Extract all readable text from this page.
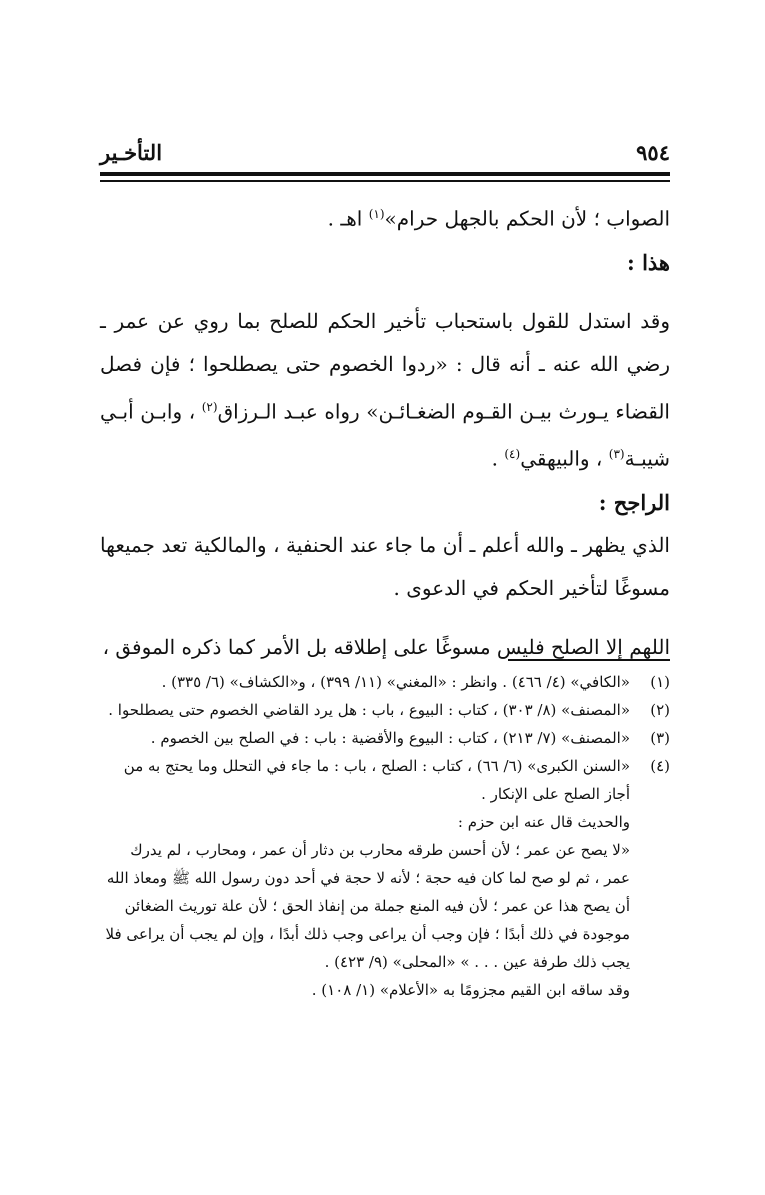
٩٥٤
التأخـير

الصواب ؛ لأن الحكم بالجهل حرام»$^{(١)}$ اهـ .

هذا :

وقد استدل للقول باستحباب تأخير الحكم للصلح بما روي عن عمر ـ رضي الله عنه ـ أنه قال : «ردوا الخصوم حتى يصطلحوا ؛ فإن فصل القضاء يـورث بيـن القـوم الضغـائـن» رواه عبـد الـرزاق$^{(٢)}$ ، وابـن أبـي شيبـة$^{(٣)}$ ، والبيهقي$^{(٤)}$ .

الراجح :

الذي يظهر ـ والله أعلم ـ أن ما جاء عند الحنفية ، والمالكية تعد جميعها مسوغًا لتأخير الحكم في الدعوى .

اللهم إلا الصلح فليس مسوغًا على إطلاقه بل الأمر كما ذكره الموفق ،

(١)
«الكافي» (٤/ ٤٦٦) . وانظر : «المغني» (١١/ ٣٩٩) ، و«الكشاف» (٦/ ٣٣٥) .
(٢)
«المصنف» (٨/ ٣٠٣) ، كتاب : البيوع ، باب : هل يرد القاضي الخصوم حتى يصطلحوا .
(٣)
«المصنف» (٧/ ٢١٣) ، كتاب : البيوع والأقضية : باب : في الصلح بين الخصوم .
(٤)
«السنن الكبرى» (٦/ ٦٦) ، كتاب : الصلح ، باب : ما جاء في التحلل وما يحتج به من أجاز الصلح على الإنكار .
والحديث قال عنه ابن حزم :
«لا يصح عن عمر ؛ لأن أحسن طرقه محارب بن دثار أن عمر ، ومحارب ، لم يدرك عمر ، ثم لو صح لما كان فيه حجة ؛ لأنه لا حجة في أحد دون رسول الله ﷺ ومعاذ الله أن يصح هذا عن عمر ؛ لأن فيه المنع جملة من إنفاذ الحق ؛ لأن علة توريث الضغائن موجودة في ذلك أبدًا ؛ فإن وجب أن يراعى وجب ذلك أبدًا ، وإن لم يجب أن يراعى فلا يجب ذلك طرفة عين . . . » «المحلى» (٩/ ٤٢٣) .
وقد ساقه ابن القيم مجزومًا به «الأعلام» (١/ ١٠٨) .
